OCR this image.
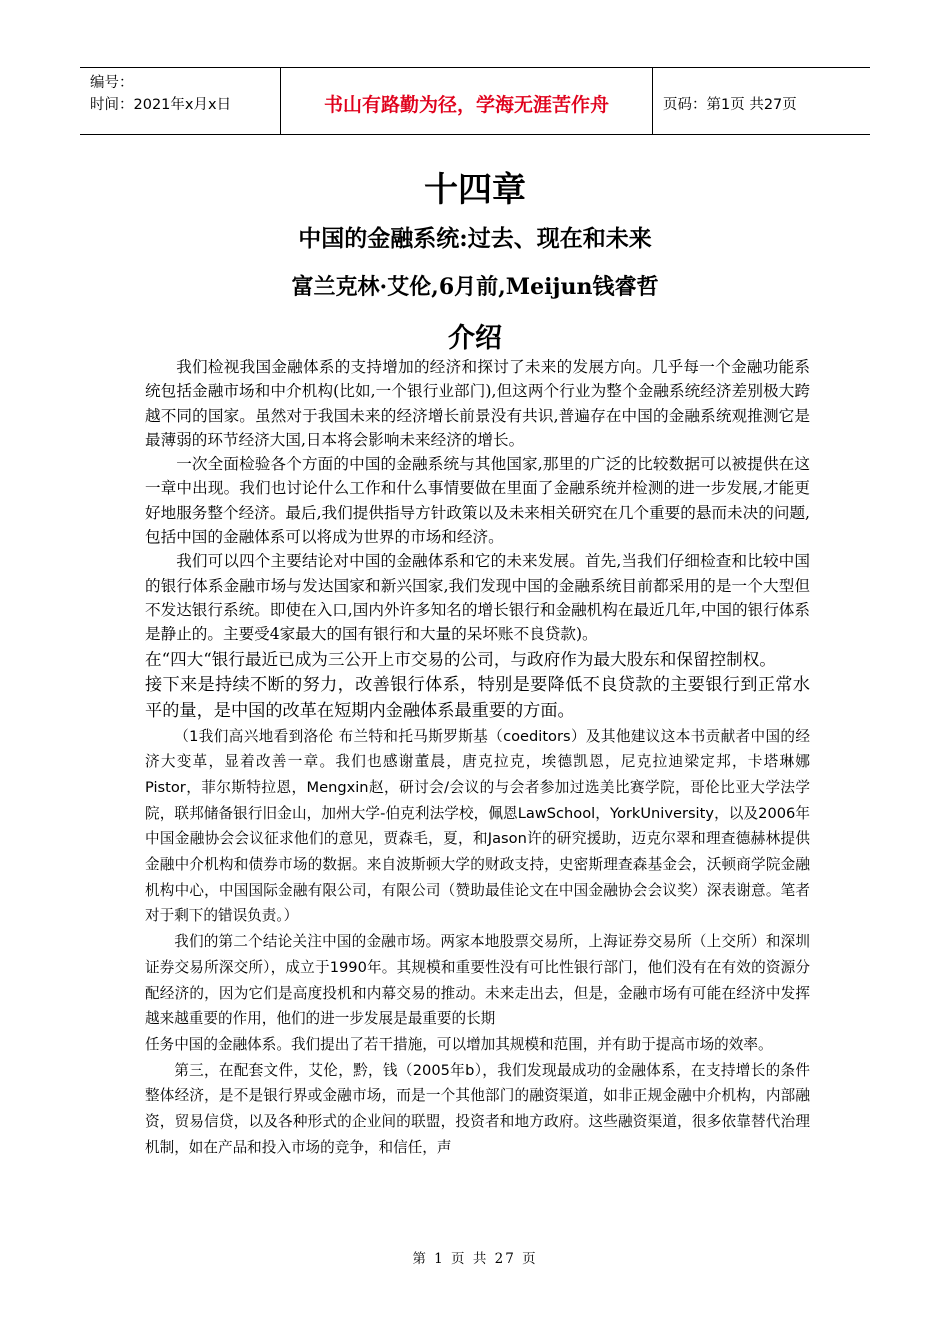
编号：
时间：2021年x月x日	书山有路勤为径，学海无涯苦作舟	页码：第1页 共27页
十四章
中国的金融系统:过去、现在和未来
富兰克林·艾伦,6月前,Meijun钱睿哲
介绍

我们检视我国金融体系的支持增加的经济和探讨了未来的发展方向。几乎每一个金融功能系统包括金融市场和中介机构(比如,一个银行业部门),但这两个行业为整个金融系统经济差别极大跨越不同的国家。虽然对于我国未来的经济增长前景没有共识,普遍存在中国的金融系统观推测它是最薄弱的环节经济大国,日本将会影响未来经济的增长。

一次全面检验各个方面的中国的金融系统与其他国家,那里的广泛的比较数据可以被提供在这一章中出现。我们也讨论什么工作和什么事情要做在里面了金融系统并检测的进一步发展,才能更好地服务整个经济。最后,我们提供指导方针政策以及未来相关研究在几个重要的悬而未决的问题,包括中国的金融体系可以将成为世界的市场和经济。

我们可以四个主要结论对中国的金融体系和它的未来发展。首先,当我们仔细检查和比较中国的银行体系金融市场与发达国家和新兴国家,我们发现中国的金融系统目前都采用的是一个大型但不发达银行系统。即使在入口,国内外许多知名的增长银行和金融机构在最近几年,中国的银行体系是静止的。主要受4家最大的国有银行和大量的呆坏账不良贷款)。

在“四大“银行最近已成为三公开上市交易的公司，与政府作为最大股东和保留控制权。

接下来是持续不断的努力，改善银行体系，特别是要降低不良贷款的主要银行到正常水平的量，是中国的改革在短期内金融体系最重要的方面。

（1我们高兴地看到洛伦 布兰特和托马斯罗斯基（coeditors）及其他建议这本书贡献者中国的经济大变革，显着改善一章。我们也感谢董晨，唐克拉克，埃德凯恩，尼克拉迪梁定邦，卡塔琳娜Pistor，菲尔斯特拉恩，Mengxin赵，研讨会/会议的与会者参加过选美比赛学院，哥伦比亚大学法学院，联邦储备银行旧金山，加州大学-伯克利法学校，佩恩LawSchool，YorkUniversity，以及2006年中国金融协会会议征求他们的意见，贾森毛，夏，和Jason许的研究援助，迈克尔翠和理查德赫林提供金融中介机构和债券市场的数据。来自波斯顿大学的财政支持，史密斯理查森基金会，沃顿商学院金融机构中心，中国国际金融有限公司，有限公司（赞助最佳论文在中国金融协会会议奖）深表谢意。笔者对于剩下的错误负责。）

我们的第二个结论关注中国的金融市场。两家本地股票交易所，上海证券交易所（上交所）和深圳证券交易所深交所），成立于1990年。其规模和重要性没有可比性银行部门，他们没有在有效的资源分配经济的，因为它们是高度投机和内幕交易的推动。未来走出去，但是，金融市场有可能在经济中发挥越来越重要的作用，他们的进一步发展是最重要的长期

任务中国的金融体系。我们提出了若干措施，可以增加其规模和范围，并有助于提高市场的效率。

第三，在配套文件，艾伦，黔，钱（2005年b），我们发现最成功的金融体系，在支持增长的条件整体经济，是不是银行界或金融市场，而是一个其他部门的融资渠道，如非正规金融中介机构，内部融资，贸易信贷，以及各种形式的企业间的联盟，投资者和地方政府。这些融资渠道，很多依靠替代治理机制，如在产品和投入市场的竞争，和信任，声

第 1 页 共 27 页
